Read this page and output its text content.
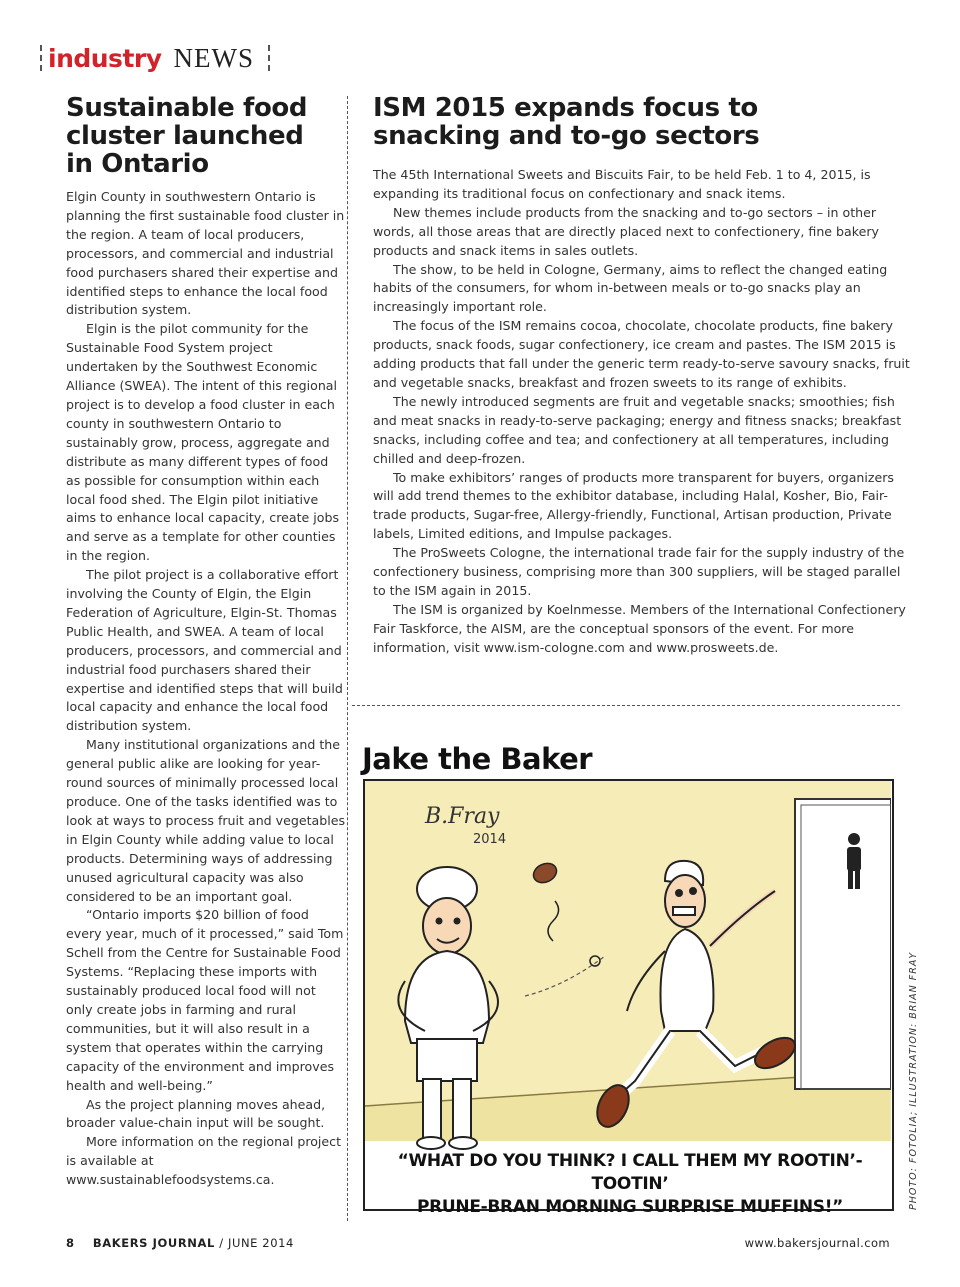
industry NEWS
Sustainable food cluster launched in Ontario

Elgin County in southwestern Ontario is planning the first sustainable food cluster in the region. A team of local producers, processors, and commercial and industrial food purchasers shared their expertise and identified steps to enhance the local food distribution system.

Elgin is the pilot community for the Sustainable Food System project undertaken by the Southwest Economic Alliance (SWEA). The intent of this regional project is to develop a food cluster in each county in southwestern Ontario to sustainably grow, process, aggregate and distribute as many different types of food as possible for consumption within each local food shed. The Elgin pilot initiative aims to enhance local capacity, create jobs and serve as a template for other counties in the region.

The pilot project is a collaborative effort involving the County of Elgin, the Elgin Federation of Agriculture, Elgin-St. Thomas Public Health, and SWEA. A team of local producers, processors, and commercial and industrial food purchasers shared their expertise and identified steps that will build local capacity and enhance the local food distribution system.

Many institutional organizations and the general public alike are looking for year-round sources of minimally processed local produce. One of the tasks identified was to look at ways to process fruit and vegetables in Elgin County while adding value to local products. Determining ways of addressing unused agricultural capacity was also considered to be an important goal.

“Ontario imports $20 billion of food every year, much of it processed,” said Tom Schell from the Centre for Sustainable Food Systems. “Replacing these imports with sustainably produced local food will not only create jobs in farming and rural communities, but it will also result in a system that operates within the carrying capacity of the environment and improves health and well-being.”

As the project planning moves ahead, broader value-chain input will be sought.

More information on the regional project is available at www.sustainablefoodsystems.ca.

ISM 2015 expands focus to snacking and to-go sectors

The 45th International Sweets and Biscuits Fair, to be held Feb. 1 to 4, 2015, is expanding its traditional focus on confectionary and snack items.

New themes include products from the snacking and to-go sectors – in other words, all those areas that are directly placed next to confectionery, fine bakery products and snack items in sales outlets.

The show, to be held in Cologne, Germany, aims to reflect the changed eating habits of the consumers, for whom in-between meals or to-go snacks play an increasingly important role.

The focus of the ISM remains cocoa, chocolate, chocolate products, fine bakery products, snack foods, sugar confectionery, ice cream and pastes. The ISM 2015 is adding products that fall under the generic term ready-to-serve savoury snacks, fruit and vegetable snacks, breakfast and frozen sweets to its range of exhibits.

The newly introduced segments are fruit and vegetable snacks; smoothies; fish and meat snacks in ready-to-serve packaging; energy and fitness snacks; breakfast snacks, including coffee and tea; and confectionery at all temperatures, including chilled and deep-frozen.

To make exhibitors’ ranges of products more transparent for buyers, organizers will add trend themes to the exhibitor database, including Halal, Kosher, Bio, Fair-trade products, Sugar-free, Allergy-friendly, Functional, Artisan production, Private labels, Limited editions, and Impulse packages.

The ProSweets Cologne, the international trade fair for the supply industry of the confectionery business, comprising more than 300 suppliers, will be staged parallel to the ISM again in 2015.

The ISM is organized by Koelnmesse. Members of the International Confectionery Fair Taskforce, the AISM, are the conceptual sponsors of the event. For more information, visit www.ism-cologne.com and www.prosweets.de.

Jake the Baker
B.Fray
2014
“WHAT DO YOU THINK? I CALL THEM MY ROOTIN’-TOOTIN’
PRUNE-BRAN MORNING SURPRISE MUFFINS!”	PHOTO: FOTOLIA; ILLUSTRATION: BRIAN FRAY
8 BAKERS JOURNAL / JUNE 2014	www.bakersjournal.com
